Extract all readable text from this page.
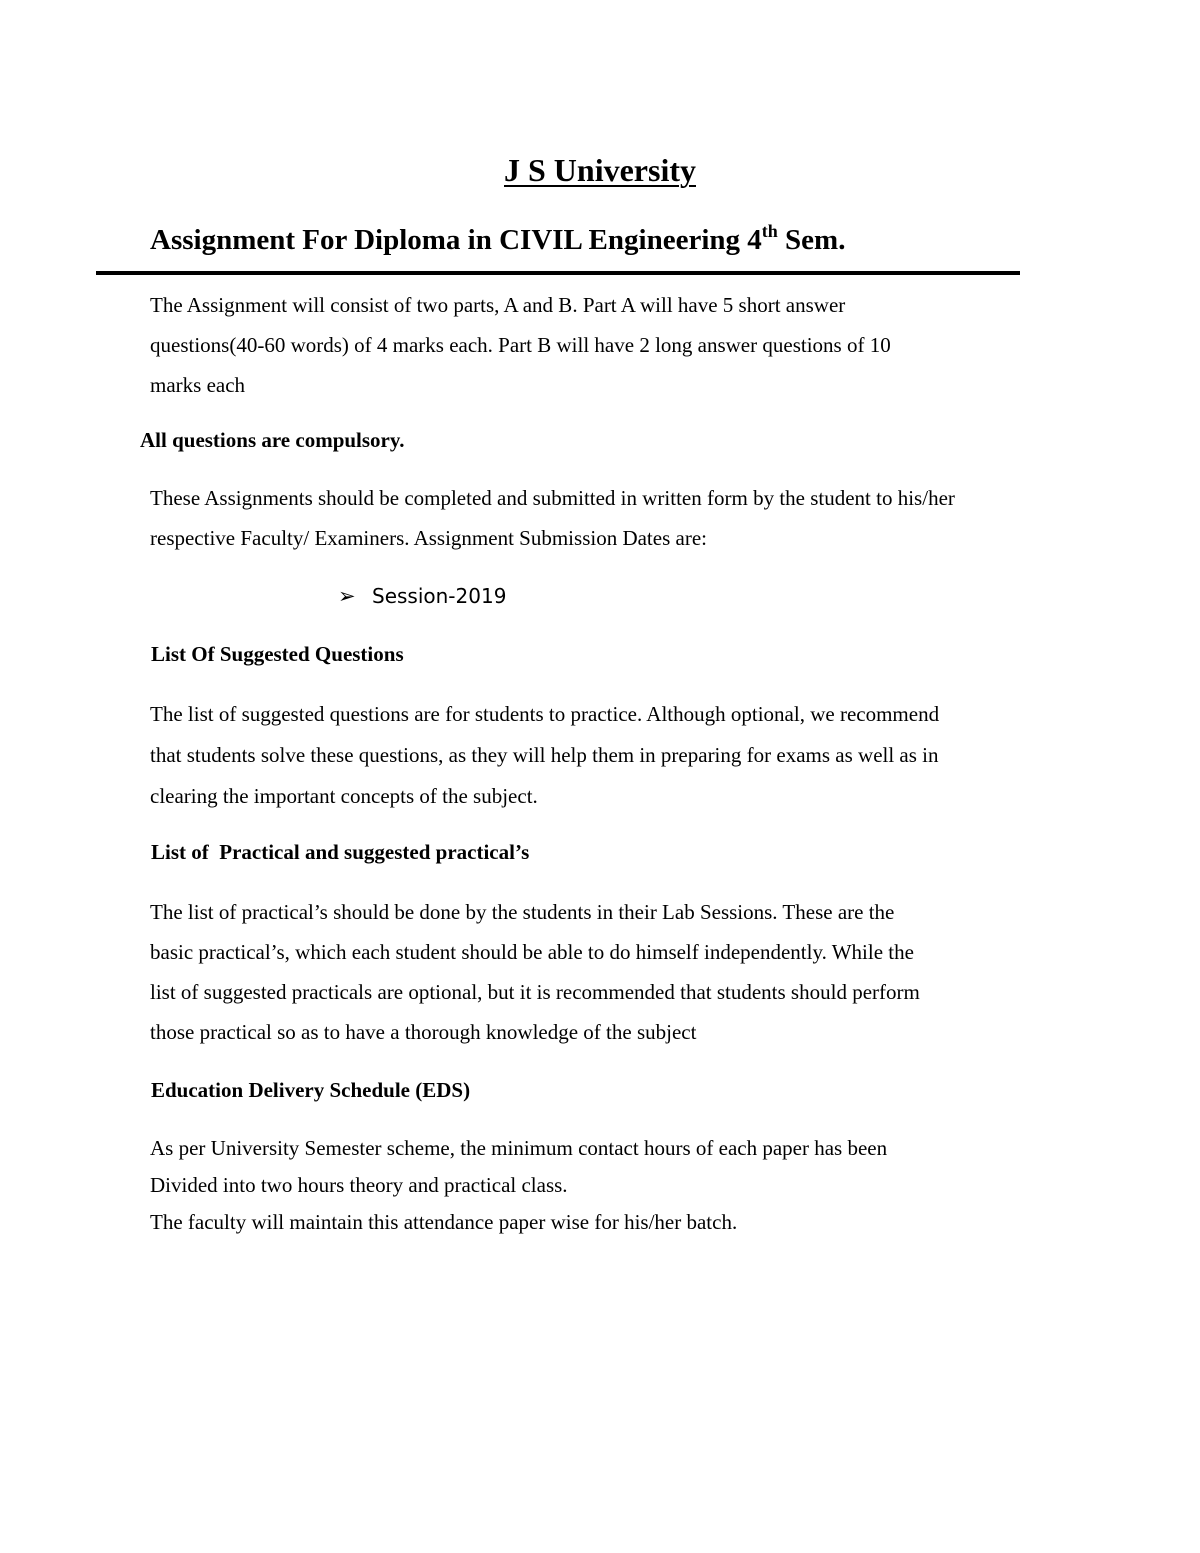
J S University
Assignment For Diploma in CIVIL Engineering 4th Sem.
The Assignment will consist of two parts, A and B. Part A will have 5 short answer
questions(40-60 words) of 4 marks each. Part B will have 2 long answer questions of 10
marks each
All questions are compulsory.
These Assignments should be completed and submitted in written form by the student to his/her
respective Faculty/ Examiners. Assignment Submission Dates are:
➢ Session-2019
List Of Suggested Questions
The list of suggested questions are for students to practice. Although optional, we recommend
that students solve these questions, as they will help them in preparing for exams as well as in
clearing the important concepts of the subject.
List of  Practical and suggested practical’s
The list of practical’s should be done by the students in their Lab Sessions. These are the
basic practical’s, which each student should be able to do himself independently. While the
list of suggested practicals are optional, but it is recommended that students should perform
those practical so as to have a thorough knowledge of the subject
Education Delivery Schedule (EDS)
As per University Semester scheme, the minimum contact hours of each paper has been
Divided into two hours theory and practical class.
The faculty will maintain this attendance paper wise for his/her batch.
